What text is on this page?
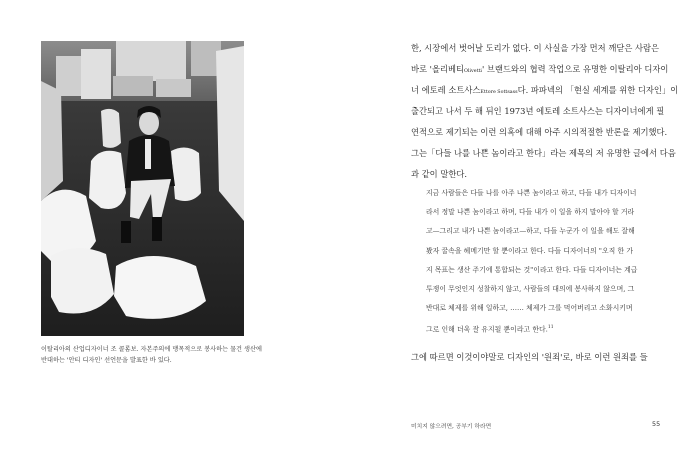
이탈리아의 산업디자이너 조 콜롬보. 자본주의에 맹목적으로 봉사하는 물건 생산에
반대하는 '안티 디자인' 선언문을 발표한 바 있다.
한, 시장에서 벗어날 도리가 없다. 이 사실을 가장 먼저 깨닫은 사람은
바로 '올리베티Olivetti' 브랜드와의 협력 작업으로 유명한 이탈리아 디자이
너 에토레 소트사스Ettore Sottsass다. 파파넥의 「현실 세계를 위한 디자인」이
출간되고 나서 두 해 뒤인 1973년 에토레 소트사스는 디자이너에게 필
연적으로 제기되는 이런 의혹에 대해 아주 시의적절한 반론을 제기했다.
그는「다들 나를 나쁜 놈이라고 한다」라는 제목의 저 유명한 글에서 다음
과 같이 말한다.
지금 사람들은 다들 나를 아주 나쁜 놈이라고 하고, 다들 내가 디자이너
라서 정말 나쁜 놈이라고 하며, 다들 내가 이 일을 하지 말아야 할 거라
고—그리고 내가 나쁜 놈이라고—하고, 다들 누군가 이 일을 해도 잘해
봤자 꿀속을 헤메기만 할 뿐이라고 한다. 다들 디자이너의 "오직 한 가
지 목표는 생산 주기에 통합되는 것"이라고 한다. 다들 디자이너는 계급
투쟁이 무엇인지 성찰하지 않고, 사람들의 대의에 봉사하지 않으며, 그
반대로 체제를 위해 일하고, …… 체제가 그를 먹어버리고 소화시키며
그로 인해 더욱 잘 유지될 뿐이라고 한다.$^{11}$
그에 따르면 이것이야말로 디자인의 '원죄'로, 바로 이런 원죄를 들
미치지 않으려면, 공부기 하라면	55
